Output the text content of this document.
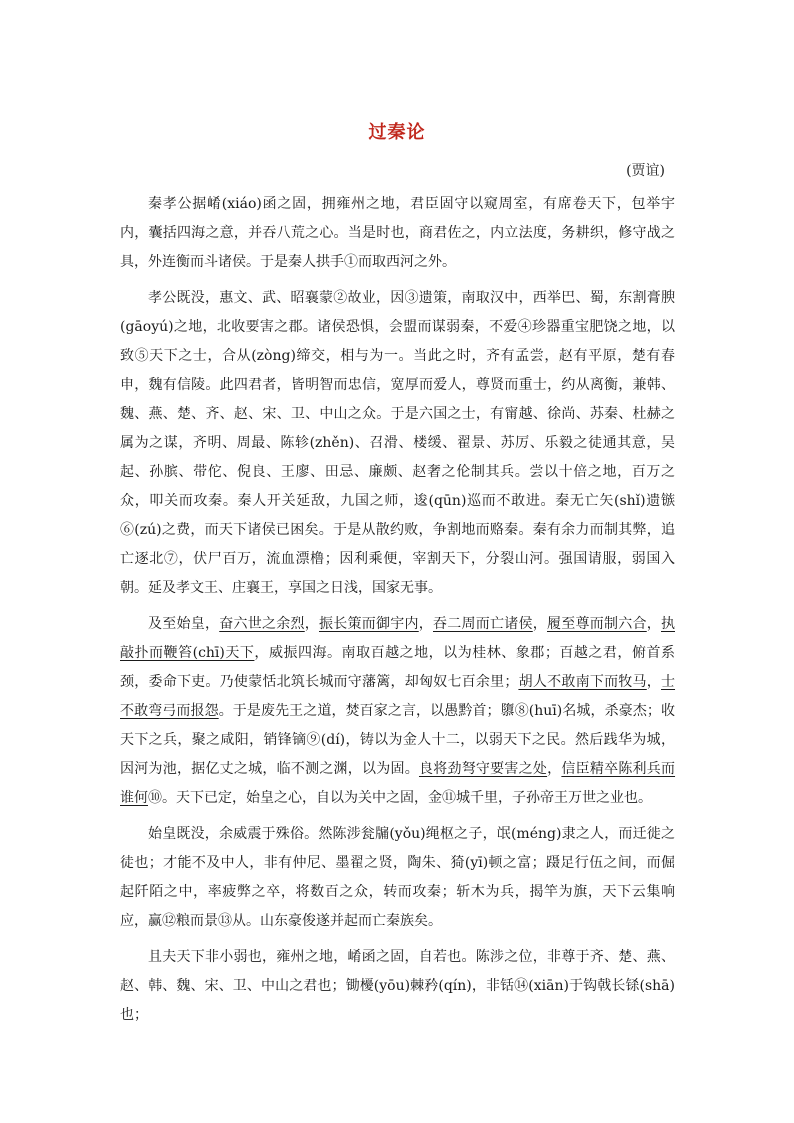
过秦论

(贾谊)

秦孝公据崤(xiáo)函之固，拥雍州之地，君臣固守以窥周室，有席卷天下，包举宇内，囊括四海之意，并吞八荒之心。当是时也，商君佐之，内立法度，务耕织，修守战之具，外连衡而斗诸侯。于是秦人拱手①而取西河之外。

孝公既没，惠文、武、昭襄蒙②故业，因③遗策，南取汉中，西举巴、蜀，东割膏腴(gāoyú)之地，北收要害之郡。诸侯恐惧，会盟而谋弱秦，不爱④珍器重宝肥饶之地，以致⑤天下之士，合从(zòng)缔交，相与为一。当此之时，齐有孟尝，赵有平原，楚有春申，魏有信陵。此四君者，皆明智而忠信，宽厚而爱人，尊贤而重士，约从离衡，兼韩、魏、燕、楚、齐、赵、宋、卫、中山之众。于是六国之士，有甯越、徐尚、苏秦、杜赫之属为之谋，齐明、周最、陈轸(zhěn)、召滑、楼缓、翟景、苏厉、乐毅之徒通其意，吴起、孙膑、带佗、倪良、王廖、田忌、廉颇、赵奢之伦制其兵。尝以十倍之地，百万之众，叩关而攻秦。秦人开关延敌，九国之师，逡(qūn)巡而不敢进。秦无亡矢(shǐ)遗镞⑥(zú)之费，而天下诸侯已困矣。于是从散约败，争割地而赂秦。秦有余力而制其弊，追亡逐北⑦，伏尸百万，流血漂橹；因利乘便，宰割天下，分裂山河。强国请服，弱国入朝。延及孝文王、庄襄王，享国之日浅，国家无事。

及至始皇，奋六世之余烈，振长策而御宇内，吞二周而亡诸侯，履至尊而制六合，执敲扑而鞭笞(chī)天下，威振四海。南取百越之地，以为桂林、象郡；百越之君，俯首系颈，委命下吏。乃使蒙恬北筑长城而守藩篱，却匈奴七百余里；胡人不敢南下而牧马，士不敢弯弓而报怨。于是废先王之道，焚百家之言，以愚黔首；隳⑧(huī)名城，杀豪杰；收天下之兵，聚之咸阳，销锋镝⑨(dí)，铸以为金人十二，以弱天下之民。然后践华为城，因河为池，据亿丈之城，临不测之渊，以为固。良将劲弩守要害之处，信臣精卒陈利兵而谁何⑩。天下已定，始皇之心，自以为关中之固，金⑪城千里，子孙帝王万世之业也。

始皇既没，余威震于殊俗。然陈涉瓮牖(yǒu)绳枢之子，氓(méng)隶之人，而迁徙之徒也；才能不及中人，非有仲尼、墨翟之贤，陶朱、猗(yī)顿之富；蹑足行伍之间，而倔起阡陌之中，率疲弊之卒，将数百之众，转而攻秦；斩木为兵，揭竿为旗，天下云集响应，赢⑫粮而景⑬从。山东豪俊遂并起而亡秦族矣。

且夫天下非小弱也，雍州之地，崤函之固，自若也。陈涉之位，非尊于齐、楚、燕、赵、韩、魏、宋、卫、中山之君也；锄櫌(yōu)棘矜(qín)，非铦⑭(xiān)于钩戟长铩(shā)也；
